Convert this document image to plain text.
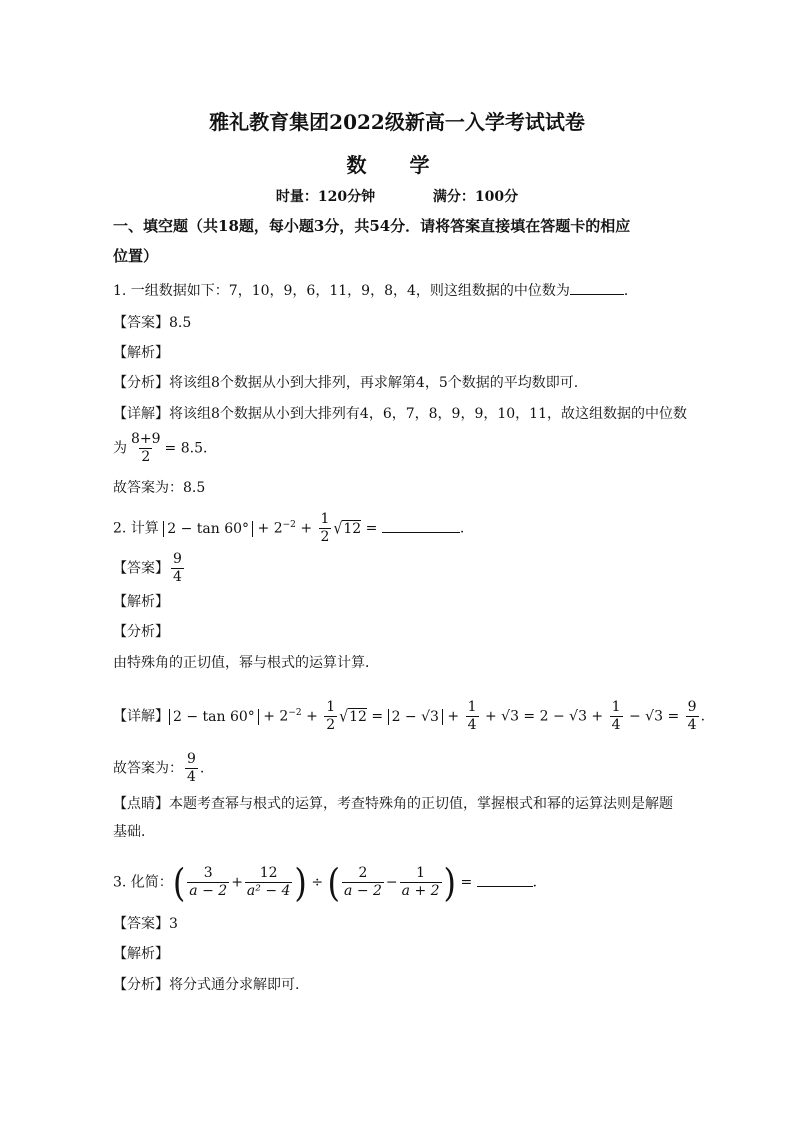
雅礼教育集团2022级新高一入学考试试卷
数 学
时量：120分钟	满分：100分
一、填空题（共18题，每小题3分，共54分．请将答案直接填在答题卡的相应
位置）
1. 一组数据如下：7，10，9，6，11，9，8，4，则这组数据的中位数为	．
【答案】8.5
【解析】
【分析】将该组8个数据从小到大排列，再求解第4，5个数据的平均数即可.
【详解】将该组8个数据从小到大排列有4，6，7，8，9，9，10，11，故这组数据的中位数
为 $\frac{8+9}{2} = 8.5$．
故答案为：8.5
2. 计算 $2 - \tan 60^\circ + 2^{-2} + \frac{1}{2} √12$ =	.
【答案】 $\frac{9}{4}$
【解析】
【分析】
由特殊角的正切值，幂与根式的运算计算．
【详解】 $2 - \tan 60^\circ + 2^{-2} + \frac{1}{2} √12 = 2 - √3 + \frac{1}{4} + √3 = 2 - √3 + \frac{1}{4} - √3 = \frac{9}{4}$ .
故答案为： $\frac{9}{4}$ .
【点睛】本题考查幂与根式的运算，考查特殊角的正切值，掌握根式和幂的运算法则是解题
基础．
3. 化简：( $\frac{3}{a - 2} + \frac{12}{\text{a² − 4}}$ ) ÷ ( $\frac{2}{a - 2} - \frac{1}{a + 2}$ ) =	．
【答案】3
【解析】
【分析】将分式通分求解即可.
